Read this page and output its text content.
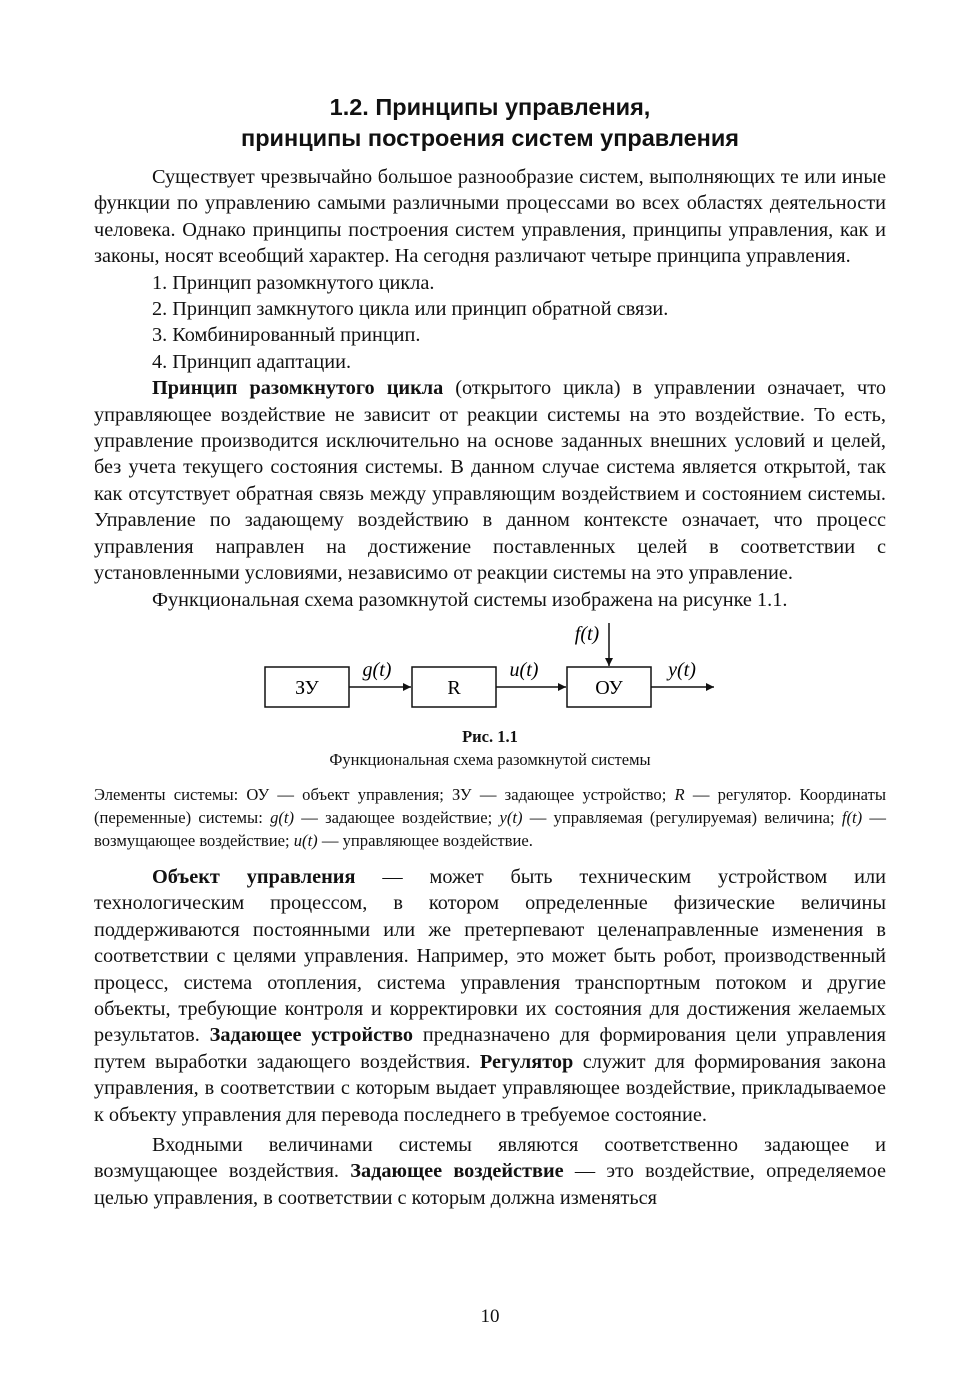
1.2. Принципы управления,
принципы построения систем управления

Существует чрезвычайно большое разнообразие систем, выполняющих те или иные функции по управлению самыми различными процессами во всех областях деятельности человека. Однако принципы построения систем управления, принципы управления, как и законы, носят всеобщий характер. На сегодня различают четыре принципа управления.

1. Принцип разомкнутого цикла.

2. Принцип замкнутого цикла или принцип обратной связи.

3. Комбинированный принцип.

4. Принцип адаптации.

Принцип разомкнутого цикла (открытого цикла) в управлении означает, что управляющее воздействие не зависит от реакции системы на это воздействие. То есть, управление производится исключительно на основе заданных внешних условий и целей, без учета текущего состояния системы. В данном случае система является открытой, так как отсутствует обратная связь между управляющим воздействием и состоянием системы. Управление по задающему воздействию в данном контексте означает, что процесс управления направлен на достижение поставленных целей в соответствии с установленными условиями, независимо от реакции системы на это управление.

Функциональная схема разомкнутой системы изображена на рисунке 1.1.

ЗУ	R	ОУ
g(t)	u(t)	y(t)
f(t)

Рис. 1.1

Функциональная схема разомкнутой системы

Элементы системы: ОУ — объект управления; ЗУ — задающее устройство; R — регулятор. Координаты (переменные) системы: g(t) — задающее воздействие; y(t) — управляемая (регулируемая) величина; f(t) — возмущающее воздействие; u(t) — управляющее воздействие.

Объект управления — может быть техническим устройством или технологическим процессом, в котором определенные физические величины поддерживаются постоянными или же претерпевают целенаправленные изменения в соответствии с целями управления. Например, это может быть робот, производственный процесс, система отопления, система управления транспортным потоком и другие объекты, требующие контроля и корректировки их состояния для достижения желаемых результатов. Задающее устройство предназначено для формирования цели управления путем выработки задающего воздействия. Регулятор служит для формирования закона управления, в соответствии с которым выдает управляющее воздействие, прикладываемое к объекту управления для перевода последнего в требуемое состояние.

Входными величинами системы являются соответственно задающее и возмущающее воздействия. Задающее воздействие — это воздействие, определяемое целью управления, в соответствии с которым должна изменяться

10
